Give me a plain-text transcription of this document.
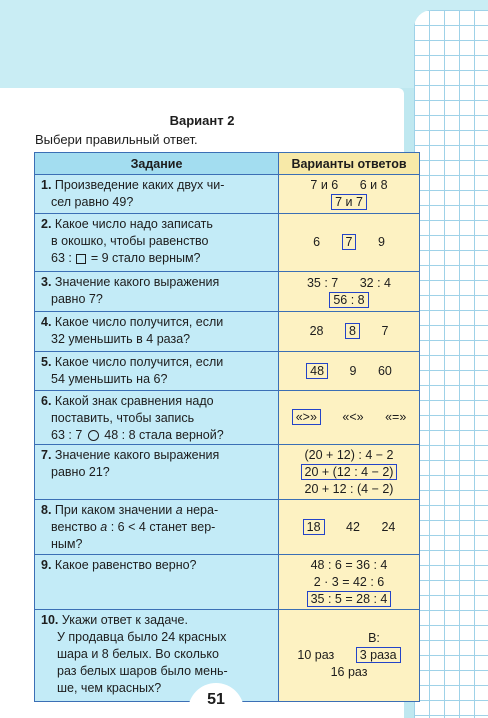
Вариант 2
Выбери правильный ответ.
Задание	Варианты ответов
1. Произведение каких двух чи-
сел равно 49?	7 и 6 6 и 8
7 и 7
2. Какое число надо записать
в окошко, чтобы равенство
63 : = 9 стало верным?	6 7 9
3. Значение какого выражения
равно 7?	35 : 7 32 : 4
56 : 8
4. Какое число получится, если
32 уменьшить в 4 раза?	28 8 7
5. Какое число получится, если
54 уменьшить на 6?	48 9 60
6. Какой знак сравнения надо
поставить, чтобы запись
63 : 7 48 : 8 стала верной?	«>» «<» «=»
7. Значение какого выражения
равно 21?	(20 + 12) : 4 − 2
20 + (12 : 4 − 2)
20 + 12 : (4 − 2)
8. При каком значении a нера-
венство a : 6 < 4 станет вер-
ным?	18 42 24
9. Какое равенство верно?	48 : 6 = 36 : 4
2 · 3 = 42 : 6
35 : 5 = 28 : 4
10. Укажи ответ к задаче.
У продавца было 24 красных
шара и 8 белых. Во сколько
раз белых шаров было мень-
ше, чем красных?	В:
10 раз 3 раза
16 раз
51
